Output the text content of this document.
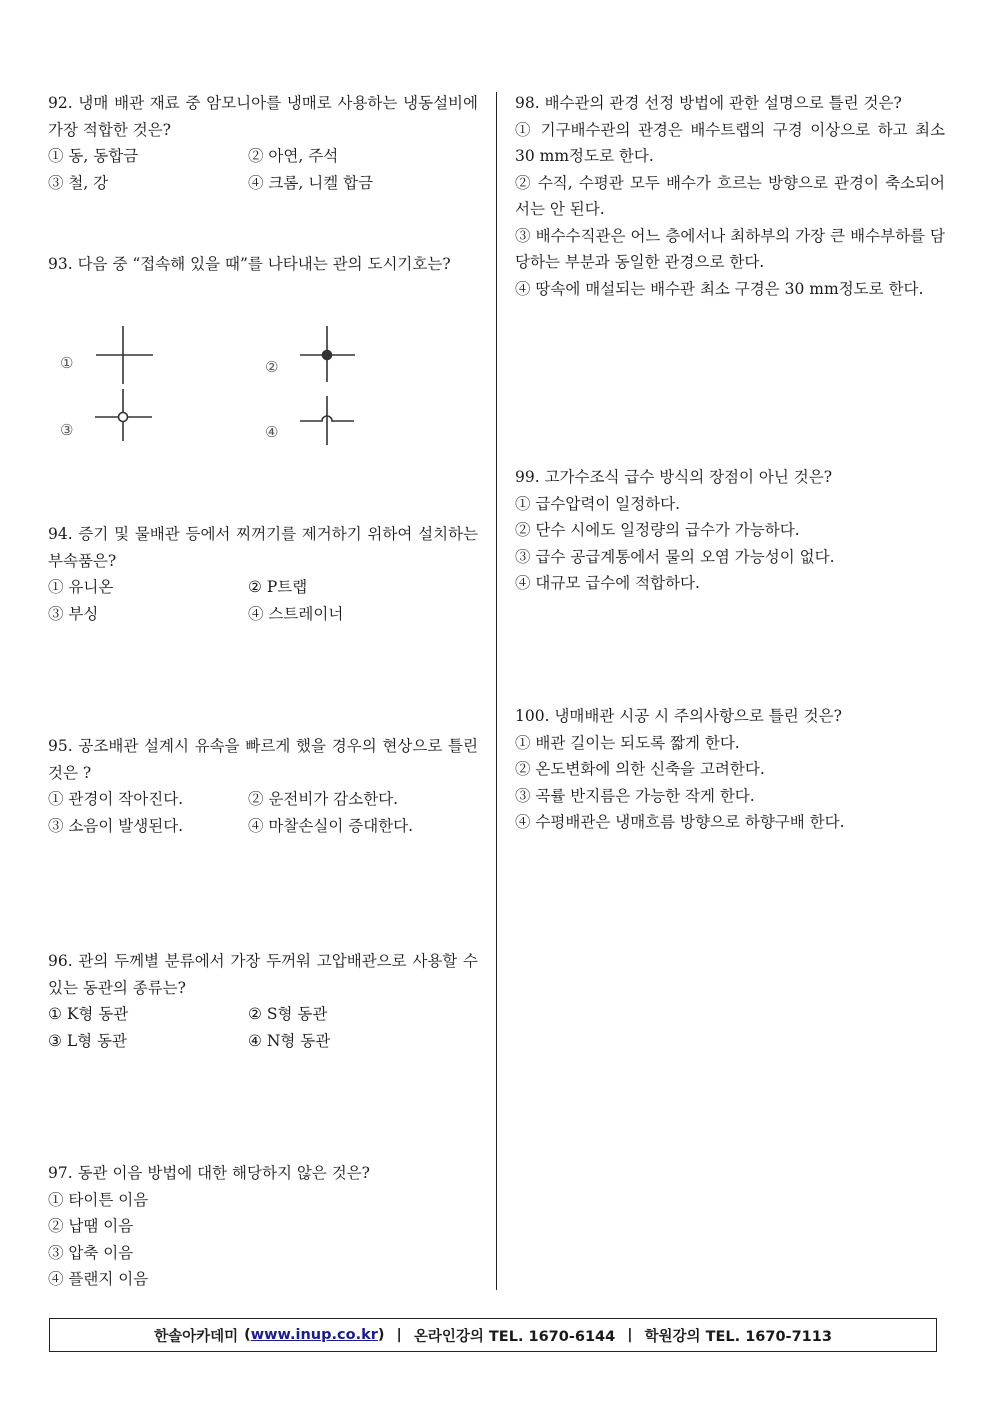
92. 냉매 배관 재료 중 암모니아를 냉매로 사용하는 냉동설비에 가장 적합한 것은?
① 동, 동합금	② 아연, 주석
③ 철, 강	④ 크롬, 니켈 합금
93. 다음 중 “접속해 있을 때”를 나타내는 관의 도시기호는?
①	②
③	④
94. 증기 및 물배관 등에서 찌꺼기를 제거하기 위하여 설치하는 부속품은?
① 유니온	② P트랩
③ 부싱	④ 스트레이너
95. 공조배관 설계시 유속을 빠르게 했을 경우의 현상으로 틀린 것은 ?
① 관경이 작아진다.	② 운전비가 감소한다.
③ 소음이 발생된다.	④ 마찰손실이 증대한다.
96. 관의 두께별 분류에서 가장 두꺼워 고압배관으로 사용할 수 있는 동관의 종류는?
① K형 동관	② S형 동관
③ L형 동관	④ N형 동관
97. 동관 이음 방법에 대한 해당하지 않은 것은?
① 타이튼 이음
② 납땜 이음
③ 압축 이음
④ 플랜지 이음
98. 배수관의 관경 선정 방법에 관한 설명으로 틀린 것은?
① 기구배수관의 관경은 배수트랩의 구경 이상으로 하고 최소 30 mm정도로 한다.
② 수직, 수평관 모두 배수가 흐르는 방향으로 관경이 축소되어서는 안 된다.
③ 배수수직관은 어느 층에서나 최하부의 가장 큰 배수부하를 담당하는 부분과 동일한 관경으로 한다.
④ 땅속에 매설되는 배수관 최소 구경은 30 mm정도로 한다.
99. 고가수조식 급수 방식의 장점이 아닌 것은?
① 급수압력이 일정하다.
② 단수 시에도 일정량의 급수가 가능하다.
③ 급수 공급계통에서 물의 오염 가능성이 없다.
④ 대규모 급수에 적합하다.
100. 냉매배관 시공 시 주의사항으로 틀린 것은?
① 배관 길이는 되도록 짧게 한다.
② 온도변화에 의한 신축을 고려한다.
③ 곡률 반지름은 가능한 작게 한다.
④ 수평배관은 냉매흐름 방향으로 하향구배 한다.
한솔아카데미 ( www.inup.co.kr ) | 온라인강의 TEL. 1670-6144 | 학원강의 TEL. 1670-7113
